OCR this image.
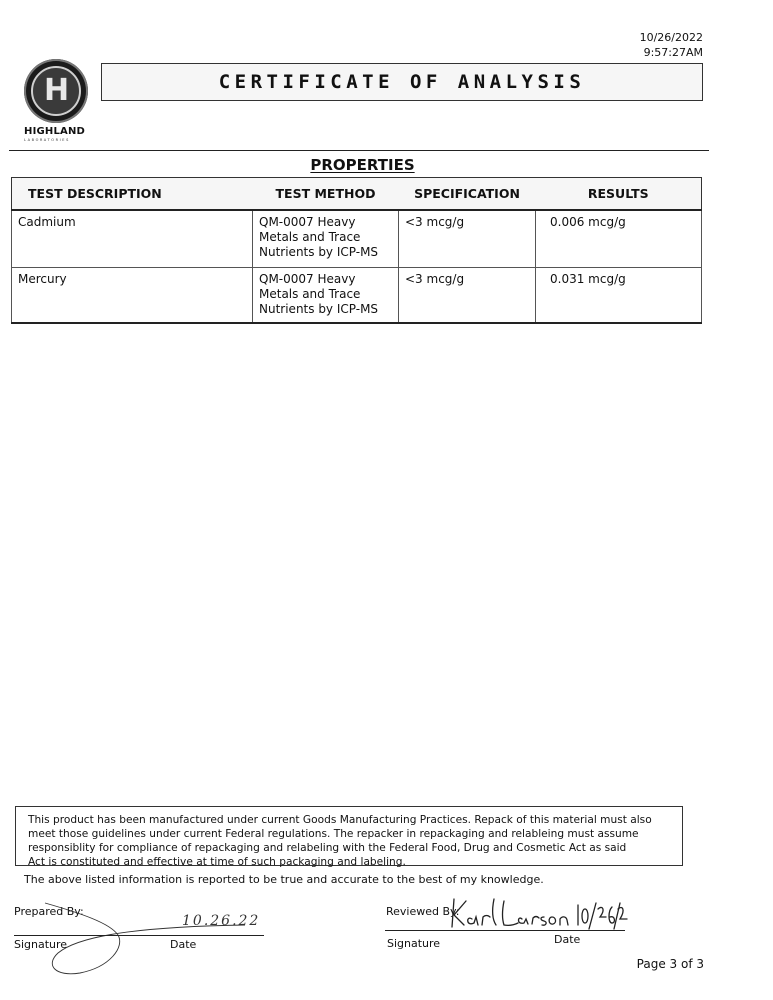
10/26/2022
9:57:27AM
H
HIGHLAND
LABORATORIES
CERTIFICATE OF ANALYSIS
PROPERTIES
TEST DESCRIPTION	TEST METHOD	SPECIFICATION	RESULTS
Cadmium	QM-0007 Heavy
Metals and Trace
Nutrients by ICP-MS	<3 mcg/g	0.006 mcg/g
Mercury	QM-0007 Heavy
Metals and Trace
Nutrients by ICP-MS	<3 mcg/g	0.031 mcg/g
This product has been manufactured under current Goods Manufacturing Practices. Repack of this material must also
meet those guidelines under current Federal regulations. The repacker in repackaging and relableing must assume
responsiblity for compliance of repackaging and relabeling with the Federal Food, Drug and Cosmetic Act as said
Act is constituted and effective at time of such packaging and labeling.
The above listed information is reported to be true and accurate to the best of my knowledge.
Prepared By:
10.26.22
Signature	Date
Reviewed By:
Signature	Date
Page 3 of 3
